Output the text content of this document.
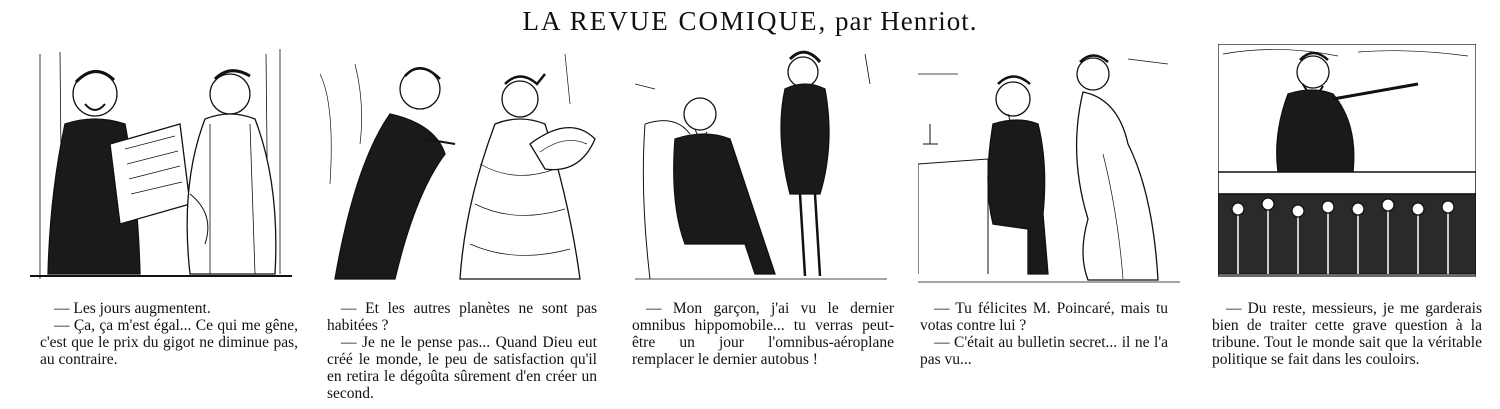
LA REVUE COMIQUE, par Henriot.

— Les jours augmentent.

— Ça, ça m'est égal... Ce qui me gêne, c'est que le prix du gigot ne diminue pas, au contraire.

— Et les autres planètes ne sont pas habitées ?

— Je ne le pense pas... Quand Dieu eut créé le monde, le peu de satisfaction qu'il en retira le dégoûta sûrement d'en créer un second.

— Mon garçon, j'ai vu le dernier omnibus hippomobile... tu verras peut-être un jour l'omnibus-aéroplane remplacer le dernier autobus !

— Tu félicites M. Poincaré, mais tu votas contre lui ?

— C'était au bulletin secret... il ne l'a pas vu...

— Du reste, messieurs, je me garderais bien de traiter cette grave question à la tribune. Tout le monde sait que la véritable politique se fait dans les couloirs.
